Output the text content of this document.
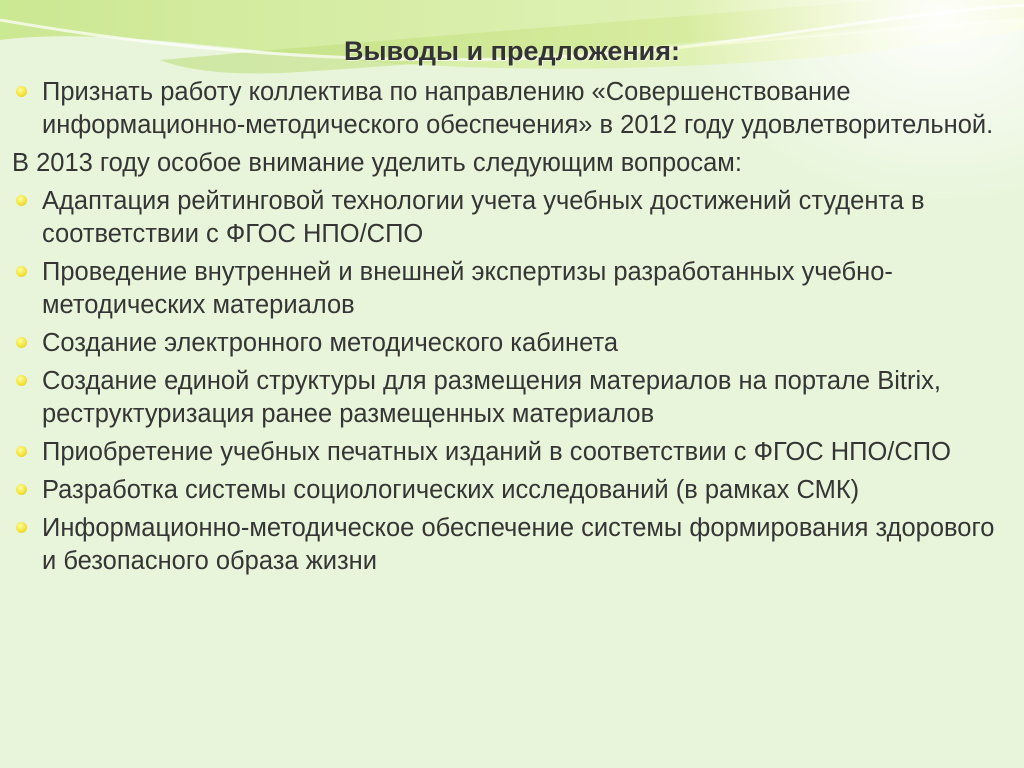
Выводы и предложения:
Признать работу коллектива по направлению «Совершенствование информационно-методического обеспечения» в 2012 году удовлетворительной.
В 2013 году особое внимание уделить следующим вопросам:
Адаптация рейтинговой технологии учета учебных достижений студента в соответствии с ФГОС НПО/СПО
Проведение внутренней и внешней экспертизы разработанных учебно-методических материалов
Создание электронного методического кабинета
Создание единой структуры для размещения материалов на портале Bitrix, реструктуризация ранее размещенных материалов
Приобретение учебных печатных изданий в соответствии с ФГОС НПО/СПО
Разработка системы социологических исследований (в рамках СМК)
Информационно-методическое обеспечение системы формирования здорового и безопасного образа жизни
